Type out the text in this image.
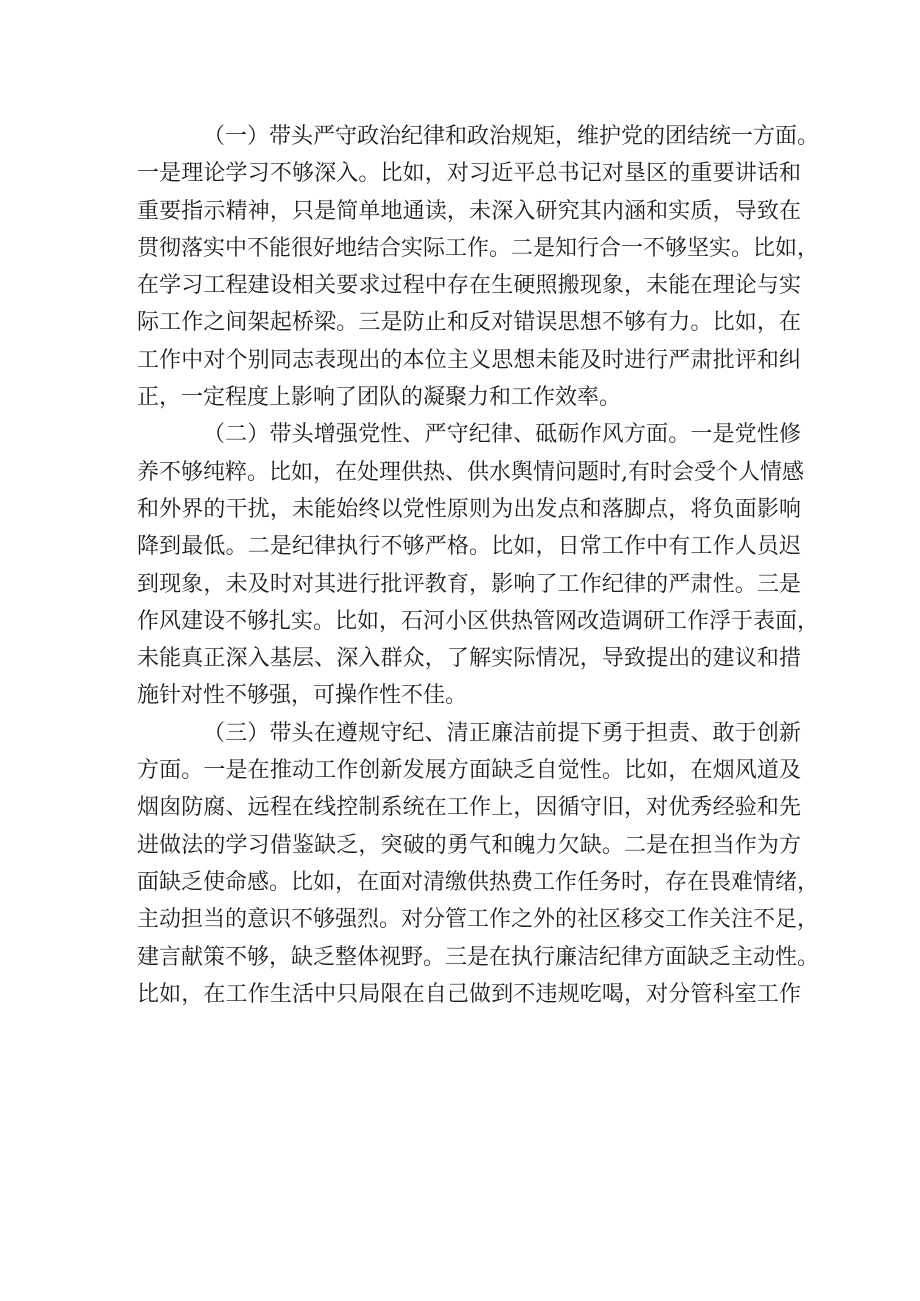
（一）带头严守政治纪律和政治规矩，维护党的团结统一方面。
一是理论学习不够深入。比如，对习近平总书记对垦区的重要讲话和
重要指示精神，只是简单地通读，未深入研究其内涵和实质，导致在
贯彻落实中不能很好地结合实际工作。二是知行合一不够坚实。比如，
在学习工程建设相关要求过程中存在生硬照搬现象，未能在理论与实
际工作之间架起桥梁。三是防止和反对错误思想不够有力。比如，在
工作中对个别同志表现出的本位主义思想未能及时进行严肃批评和纠
正，一定程度上影响了团队的凝聚力和工作效率。
（二）带头增强党性、严守纪律、砥砺作风方面。一是党性修
养不够纯粹。比如，在处理供热、供水舆情问题时,有时会受个人情感
和外界的干扰，未能始终以党性原则为出发点和落脚点，将负面影响
降到最低。二是纪律执行不够严格。比如，日常工作中有工作人员迟
到现象，未及时对其进行批评教育，影响了工作纪律的严肃性。三是
作风建设不够扎实。比如，石河小区供热管网改造调研工作浮于表面，
未能真正深入基层、深入群众，了解实际情况，导致提出的建议和措
施针对性不够强，可操作性不佳。
（三）带头在遵规守纪、清正廉洁前提下勇于担责、敢于创新
方面。一是在推动工作创新发展方面缺乏自觉性。比如，在烟风道及
烟囱防腐、远程在线控制系统在工作上，因循守旧，对优秀经验和先
进做法的学习借鉴缺乏，突破的勇气和魄力欠缺。二是在担当作为方
面缺乏使命感。比如，在面对清缴供热费工作任务时，存在畏难情绪，
主动担当的意识不够强烈。对分管工作之外的社区移交工作关注不足，
建言献策不够，缺乏整体视野。三是在执行廉洁纪律方面缺乏主动性。
比如，在工作生活中只局限在自己做到不违规吃喝，对分管科室工作
